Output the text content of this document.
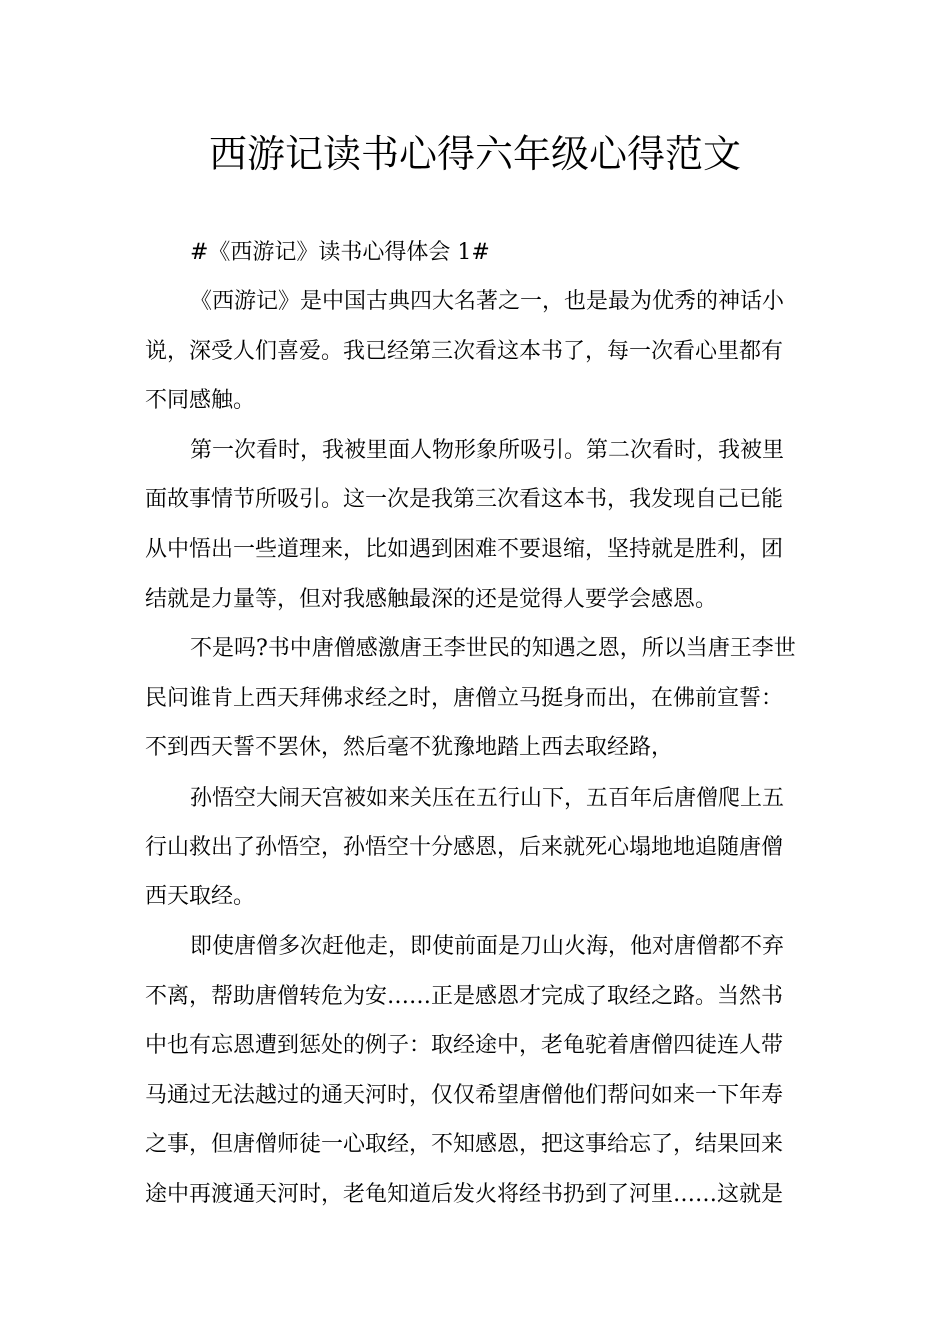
西游记读书心得六年级心得范文
#《西游记》读书心得体会 1#
《西游记》是中国古典四大名著之一，也是最为优秀的神话小
说，深受人们喜爱。我已经第三次看这本书了，每一次看心里都有
不同感触。
第一次看时，我被里面人物形象所吸引。第二次看时，我被里
面故事情节所吸引。这一次是我第三次看这本书，我发现自己已能
从中悟出一些道理来，比如遇到困难不要退缩，坚持就是胜利，团
结就是力量等，但对我感触最深的还是觉得人要学会感恩。
不是吗?书中唐僧感激唐王李世民的知遇之恩，所以当唐王李世
民问谁肯上西天拜佛求经之时，唐僧立马挺身而出，在佛前宣誓：
不到西天誓不罢休，然后毫不犹豫地踏上西去取经路，
孙悟空大闹天宫被如来关压在五行山下，五百年后唐僧爬上五
行山救出了孙悟空，孙悟空十分感恩，后来就死心塌地地追随唐僧
西天取经。
即使唐僧多次赶他走，即使前面是刀山火海，他对唐僧都不弃
不离，帮助唐僧转危为安……正是感恩才完成了取经之路。当然书
中也有忘恩遭到惩处的例子：取经途中，老龟驼着唐僧四徒连人带
马通过无法越过的通天河时，仅仅希望唐僧他们帮问如来一下年寿
之事，但唐僧师徒一心取经，不知感恩，把这事给忘了，结果回来
途中再渡通天河时，老龟知道后发火将经书扔到了河里……这就是
